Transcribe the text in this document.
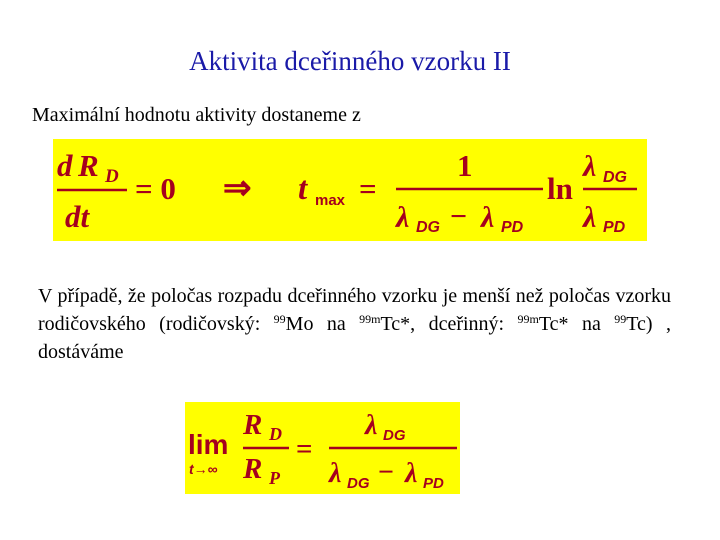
Aktivita dceřinného vzorku II
Maximální hodnotu aktivity dostaneme z
d R D
dt
= 0 ⇒ t max =
1
λ DG − λ PD
ln
λ DG
λ PD
V případě, že poločas rozpadu dceřinného vzorku je menší než poločas vzorku rodičovského (rodičovský: $^{99}$Mo na $^{99m}$Tc*, dceřinný: $^{99m}$Tc* na $^{99}$Tc) , dostáváme
lim
t→∞
R D
R P
=
λ DG
λ DG − λ PD
